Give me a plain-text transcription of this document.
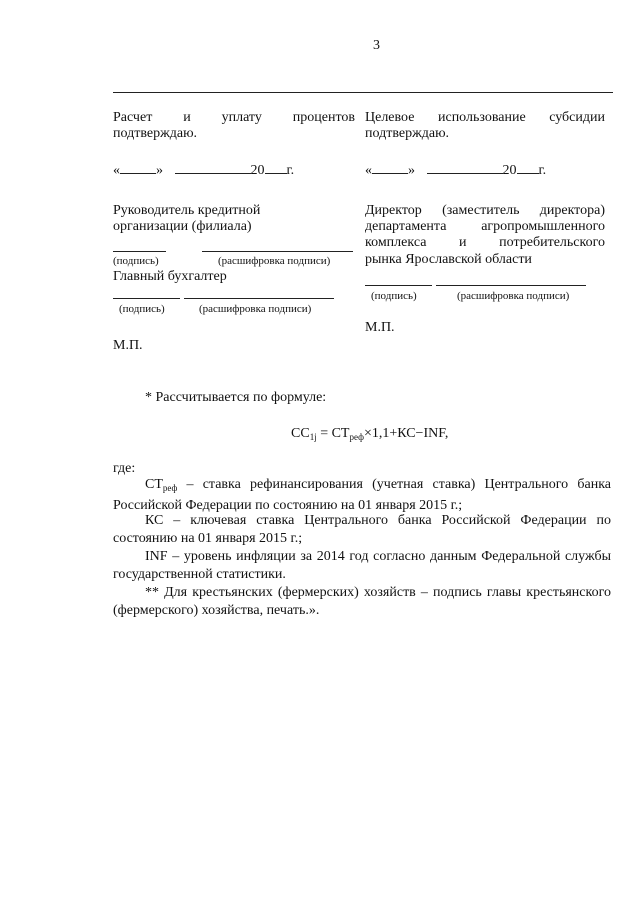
3
Расчет и уплату процентов
подтверждаю.
«	»	20 г.
Руководитель кредитной
организации (филиала)
(подпись)	(расшифровка подписи)
Главный бухгалтер
(подпись)	(расшифровка подписи)
М.П.
Целевое использование субсидии
подтверждаю.
«	»	20 г.
Директор (заместитель директора)
департамента агропромышленного
комплекса и потребительского
рынка Ярославской области
(подпись)	(расшифровка подписи)
М.П.
* Рассчитывается по формуле:
$СС_{1j} = СТ_{реф}\times 1,1+КС-INF$,
где:
$СТ_{реф}$ – ставка рефинансирования (учетная ставка) Центрального банка Российской Федерации по состоянию на 01 января 2015 г.;
КС – ключевая ставка Центрального банка Российской Федерации по состоянию на 01 января 2015 г.;
INF – уровень инфляции за 2014 год согласно данным Федеральной службы государственной статистики.
** Для крестьянских (фермерских) хозяйств – подпись главы крестьянского (фермерского) хозяйства, печать.».
